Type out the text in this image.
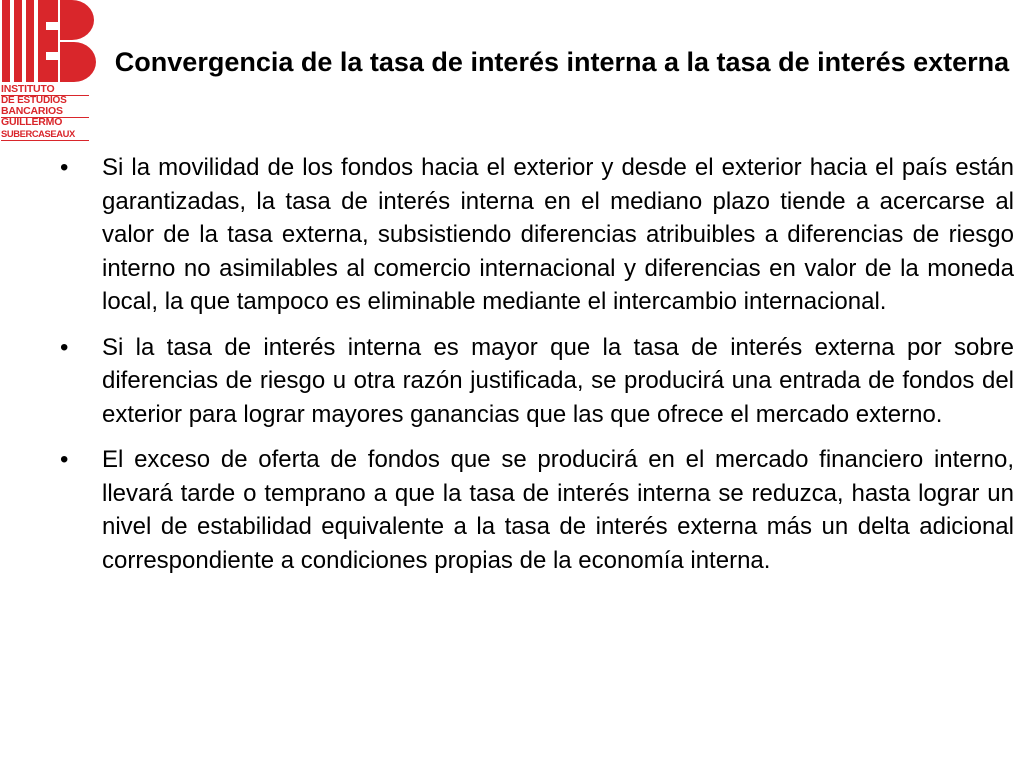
INSTITUTO
DE ESTUDIOS
BANCARIOS
GUILLERMO
SUBERCASEAUX
Convergencia de la tasa de interés interna a la tasa de interés externa
• Si la movilidad de los fondos hacia el exterior y desde el exterior hacia el país están garantizadas, la tasa de interés interna en el mediano plazo tiende a acercarse al valor de la tasa externa, subsistiendo diferencias atribuibles a diferencias de riesgo interno no asimilables al comercio internacional y diferencias en valor de la moneda local, la que tampoco es eliminable mediante el intercambio internacional.
• Si la tasa de interés interna es mayor que la tasa de interés externa por sobre diferencias de riesgo u otra razón justificada, se producirá una entrada de fondos del exterior para lograr mayores ganancias que las que ofrece el mercado externo.
• El exceso de oferta de fondos que se producirá en el mercado financiero interno, llevará tarde o temprano a que la tasa de interés interna se reduzca, hasta lograr un nivel de estabilidad equivalente a la tasa de interés externa más un delta adicional correspondiente a condiciones propias de la economía interna.
